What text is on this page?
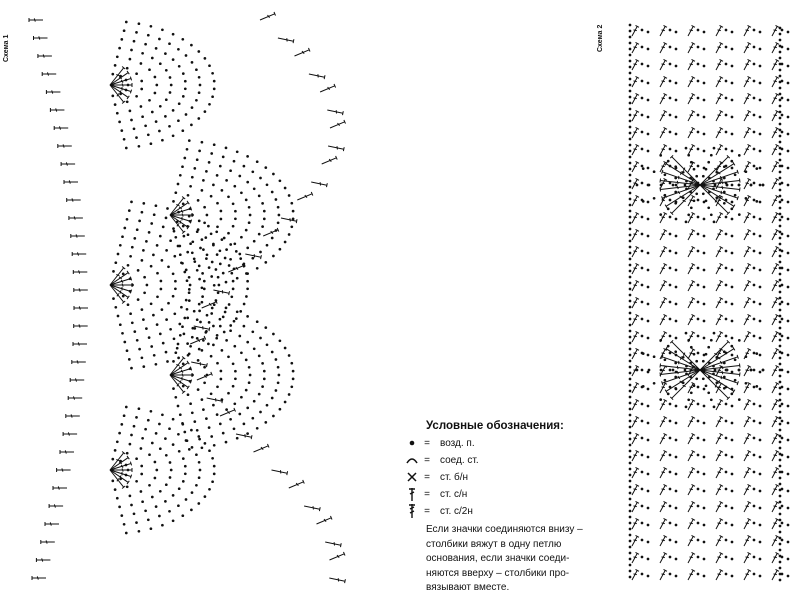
Схема 1	Схема 2
Условные обозначения:
=	возд. п.
=	соед. ст.
=	ст. б/н
=	ст. с/н
=	ст. с/2н
Если значки соединяются внизу – столбики вяжут в одну петлю основания, если значки соеди-няются вверху – столбики про-вязывают вместе.
